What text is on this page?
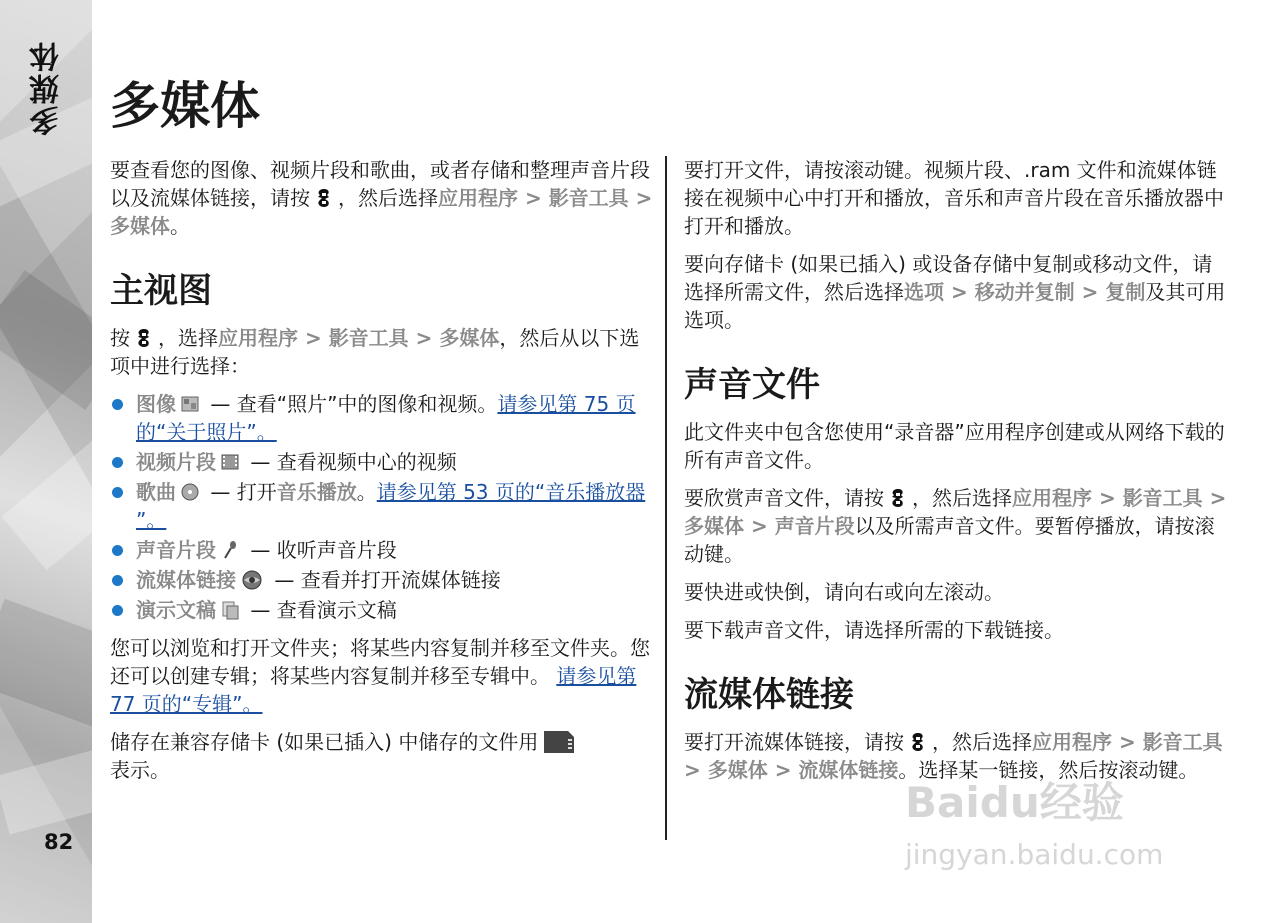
多媒体
82
多媒体

要查看您的图像、视频片段和歌曲，或者存储和整理声音片段以及流媒体链接，请按 ，然后选择应用程序 > 影音工具 > 多媒体。

主视图

按 ，选择应用程序 > 影音工具 > 多媒体，然后从以下选项中进行选择：

图像 — 查看“照片”中的图像和视频。请参见第 75 页的“关于照片”。
视频片段 — 查看视频中心的视频
歌曲 — 打开音乐播放。请参见第 53 页的“音乐播放器 ”。
声音片段 — 收听声音片段
流媒体链接 — 查看并打开流媒体链接
演示文稿 — 查看演示文稿

您可以浏览和打开文件夹；将某些内容复制并移至文件夹。您还可以创建专辑；将某些内容复制并移至专辑中。 请参见第 77 页的“专辑”。

储存在兼容存储卡 (如果已插入) 中储存的文件用
表示。

要打开文件，请按滚动键。视频片段、.ram 文件和流媒体链接在视频中心中打开和播放，音乐和声音片段在音乐播放器中打开和播放。

要向存储卡 (如果已插入) 或设备存储中复制或移动文件，请选择所需文件，然后选择选项 > 移动并复制 > 复制及其可用选项。

声音文件

此文件夹中包含您使用“录音器”应用程序创建或从网络下载的所有声音文件。

要欣赏声音文件，请按 ，然后选择应用程序 > 影音工具 > 多媒体 > 声音片段以及所需声音文件。要暂停播放，请按滚动键。

要快进或快倒，请向右或向左滚动。

要下载声音文件，请选择所需的下载链接。

流媒体链接

要打开流媒体链接，请按 ，然后选择应用程序 > 影音工具 > 多媒体 > 流媒体链接。选择某一链接，然后按滚动键。

Baidu经验
jingyan.baidu.com
